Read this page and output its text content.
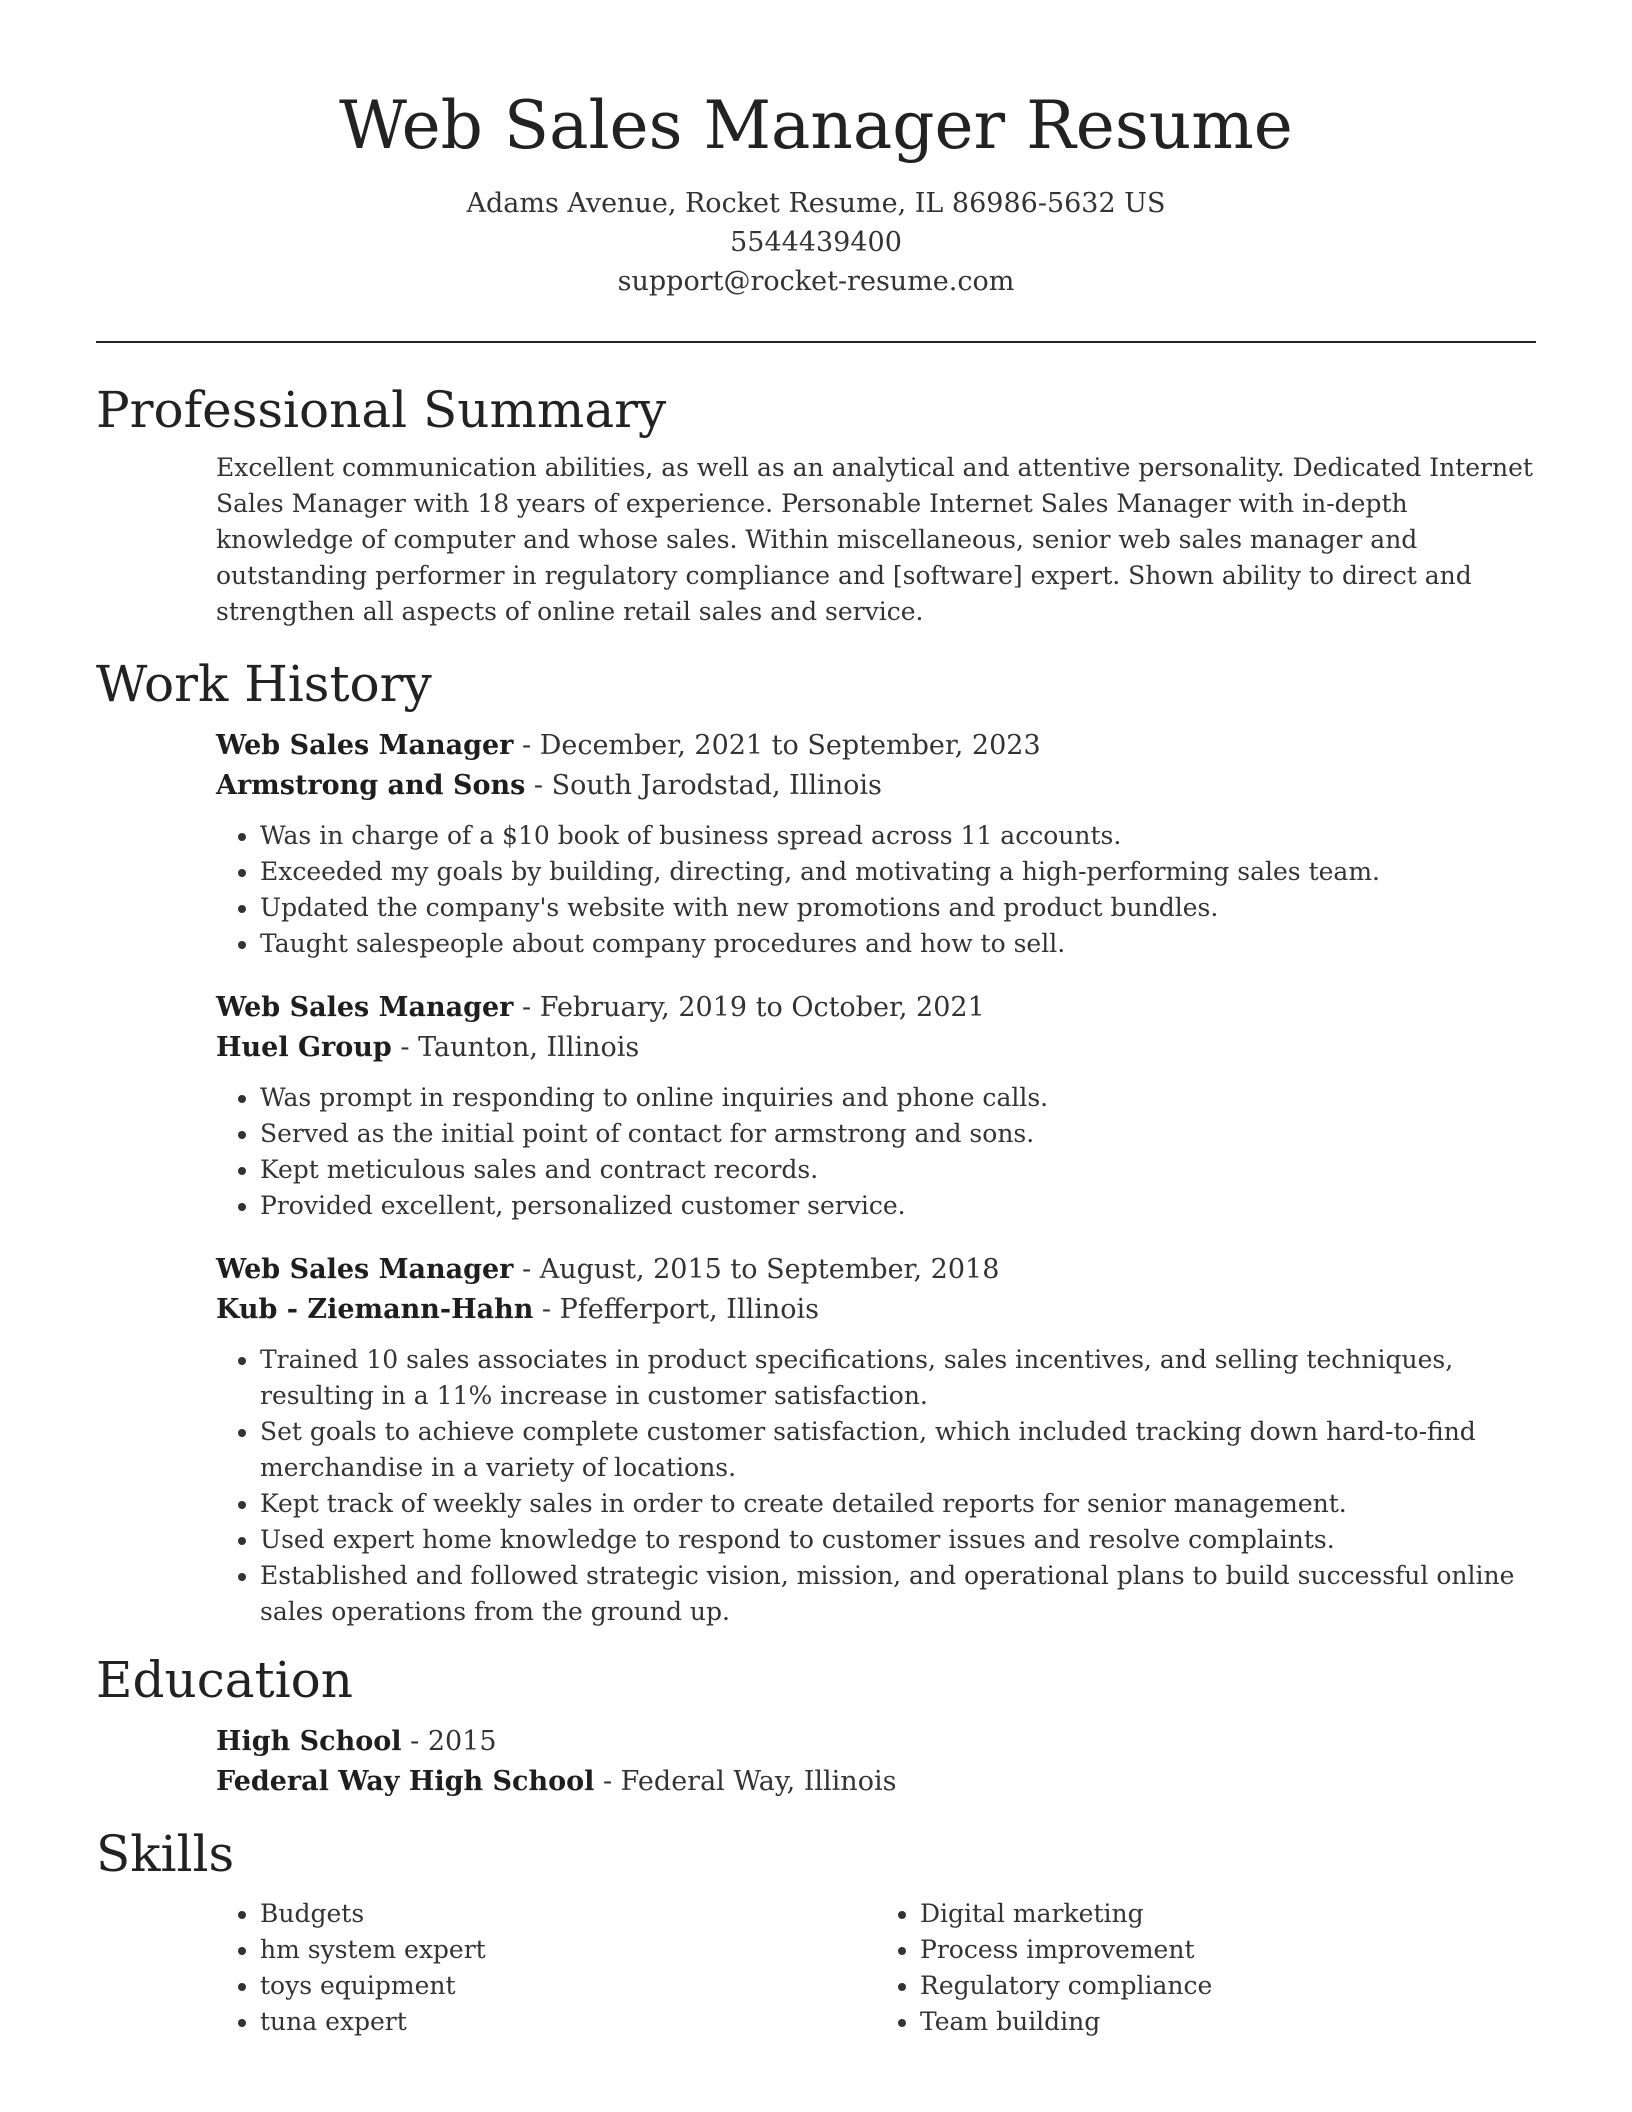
Web Sales Manager Resume
Adams Avenue, Rocket Resume, IL 86986-5632 US
5544439400
support@rocket-resume.com
Professional Summary
Excellent communication abilities, as well as an analytical and attentive personality. Dedicated Internet Sales Manager with 18 years of experience. Personable Internet Sales Manager with in-depth knowledge of computer and whose sales. Within miscellaneous, senior web sales manager and outstanding performer in regulatory compliance and [software] expert. Shown ability to direct and strengthen all aspects of online retail sales and service.
Work History
Web Sales Manager - December, 2021 to September, 2023
Armstrong and Sons - South Jarodstad, Illinois
• Was in charge of a $10 book of business spread across 11 accounts.
• Exceeded my goals by building, directing, and motivating a high-performing sales team.
• Updated the company's website with new promotions and product bundles.
• Taught salespeople about company procedures and how to sell.
Web Sales Manager - February, 2019 to October, 2021
Huel Group - Taunton, Illinois
• Was prompt in responding to online inquiries and phone calls.
• Served as the initial point of contact for armstrong and sons.
• Kept meticulous sales and contract records.
• Provided excellent, personalized customer service.
Web Sales Manager - August, 2015 to September, 2018
Kub - Ziemann-Hahn - Pfefferport, Illinois
• Trained 10 sales associates in product specifications, sales incentives, and selling techniques, resulting in a 11% increase in customer satisfaction.
• Set goals to achieve complete customer satisfaction, which included tracking down hard-to-find merchandise in a variety of locations.
• Kept track of weekly sales in order to create detailed reports for senior management.
• Used expert home knowledge to respond to customer issues and resolve complaints.
• Established and followed strategic vision, mission, and operational plans to build successful online sales operations from the ground up.
Education
High School - 2015
Federal Way High School - Federal Way, Illinois
Skills
• Budgets
• hm system expert
• toys equipment
• tuna expert
• Digital marketing
• Process improvement
• Regulatory compliance
• Team building
